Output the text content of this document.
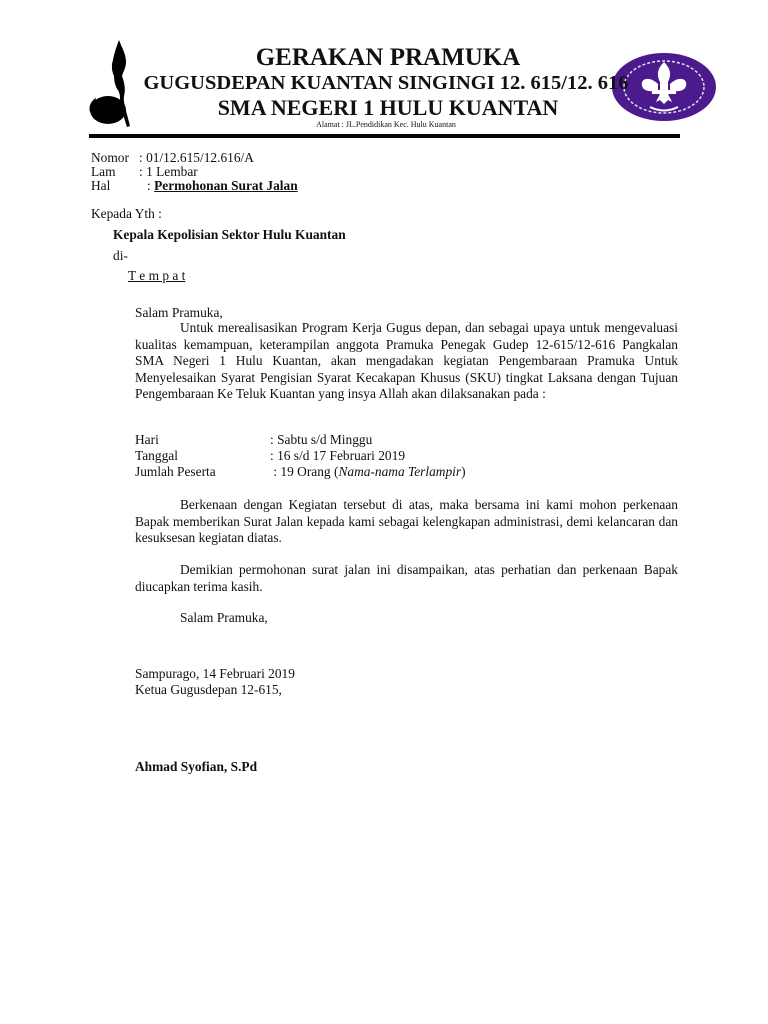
GERAKAN PRAMUKA
GUGUSDEPAN KUANTAN SINGINGI 12. 615/12. 616
SMA NEGERI 1 HULU KUANTAN
Alamat : JL.Pendidikan Kec. Hulu Kuantan
Nomor : 01/12.615/12.616/A
Lam : 1 Lembar
Hal	: Permohonan Surat Jalan
Kepada Yth :
Kepala Kepolisian Sektor Hulu Kuantan
di-
T e m p a t
Salam Pramuka,
Untuk merealisasikan Program Kerja Gugus depan, dan sebagai upaya untuk mengevaluasi kualitas kemampuan, keterampilan anggota Pramuka Penegak Gudep 12-615/12-616 Pangkalan SMA Negeri 1 Hulu Kuantan, akan mengadakan kegiatan Pengembaraan Pramuka Untuk Menyelesaikan Syarat Pengisian Syarat Kecakapan Khusus (SKU) tingkat Laksana dengan Tujuan Pengembaraan Ke Teluk Kuantan yang insya Allah akan dilaksanakan pada :
Hari	: Sabtu s/d Minggu
Tanggal	: 16 s/d 17 Februari 2019
Jumlah Peserta	: 19 Orang (Nama-nama Terlampir)
Berkenaan dengan Kegiatan tersebut di atas, maka bersama ini kami mohon perkenaan Bapak memberikan Surat Jalan kepada kami sebagai kelengkapan administrasi, demi kelancaran dan kesuksesan kegiatan diatas.
Demikian permohonan surat jalan ini disampaikan, atas perhatian dan perkenaan Bapak diucapkan terima kasih.
Salam Pramuka,
Sampurago, 14 Februari 2019
Ketua Gugusdepan 12-615,
Ahmad Syofian, S.Pd
